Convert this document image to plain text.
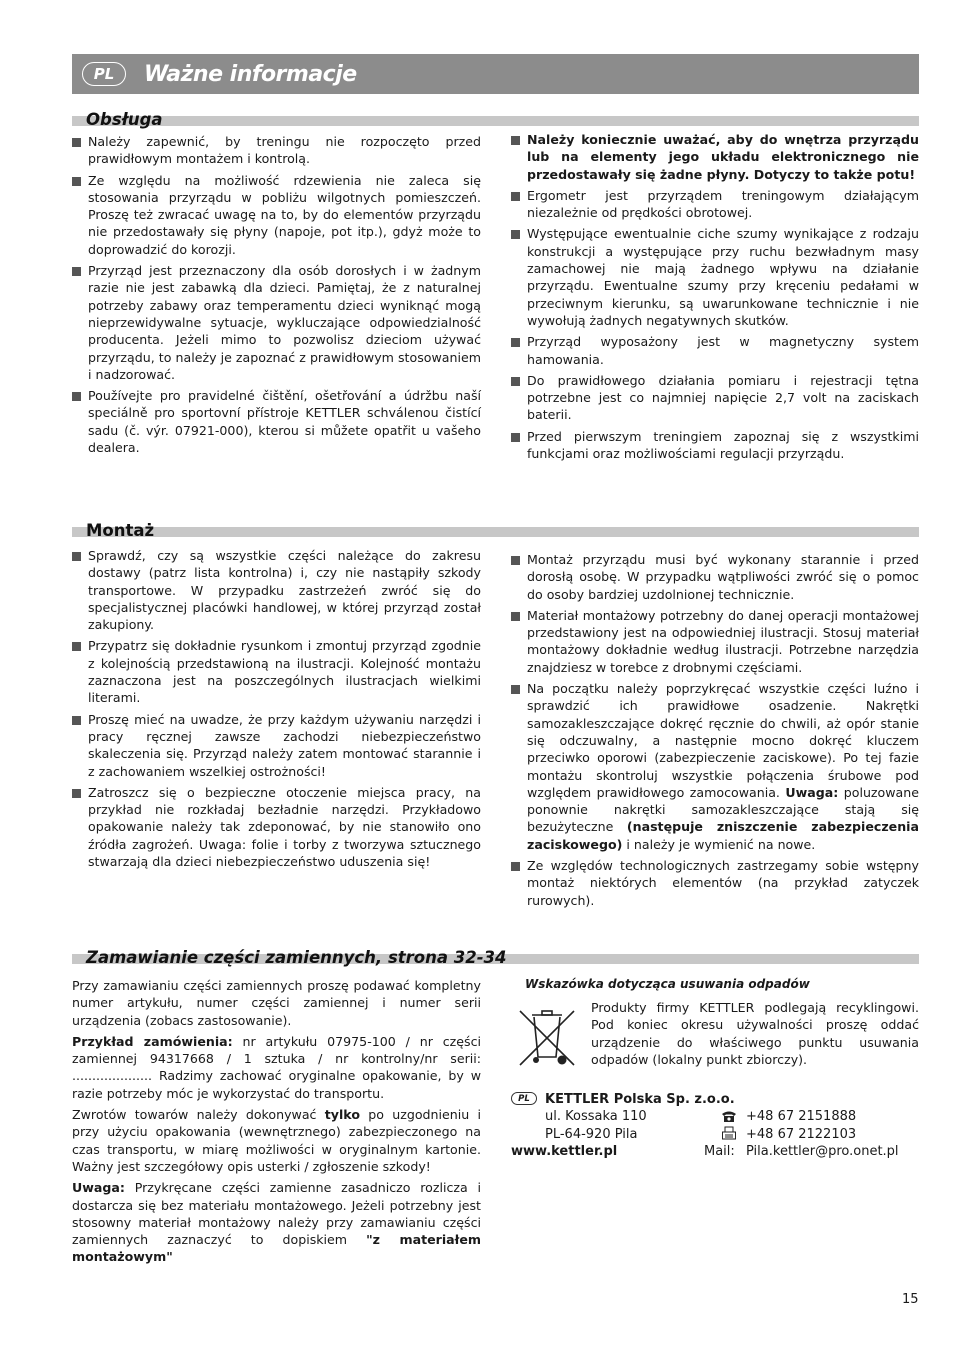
PL	Ważne informacje
Obsługa
Należy zapewnić, by treningu nie rozpoczęto przed prawidłowym montażem i kontrolą.
Ze względu na możliwość rdzewienia nie zaleca się stosowania przyrządu w pobliżu wilgotnych pomieszczeń. Proszę też zwracać uwagę na to, by do elementów przyrządu nie przedostawały się płyny (napoje, pot itp.), gdyż może to doprowadzić do korozji.
Przyrząd jest przeznaczony dla osób dorosłych i w żadnym razie nie jest zabawką dla dzieci. Pamiętaj, że z naturalnej potrzeby zabawy oraz temperamentu dzieci wyniknąć mogą nieprzewidywalne sytuacje, wykluczające odpowiedzialność producenta. Jeżeli mimo to pozwolisz dzieciom używać przyrządu, to należy je zapoznać z prawidłowym stosowaniem i nadzorować.
Používejte pro pravidelné čištění, ošetřování a údržbu naší speciálně pro sportovní přístroje KETTLER schválenou čistící sadu (č. výr. 07921-000), kterou si můžete opatřit u vašeho dealera.
Należy koniecznie uważać, aby do wnętrza przyrządu lub na elementy jego układu elektronicznego nie przedostawały się żadne płyny. Dotyczy to także potu!
Ergometr jest przyrządem treningowym działającym niezależnie od prędkości obrotowej.
Występujące ewentualnie ciche szumy wynikające z rodzaju konstrukcji a występujące przy ruchu bezwładnym masy zamachowej nie mają żadnego wpływu na działanie przyrządu. Ewentualne szumy przy kręceniu pedałami w przeciwnym kierunku, są uwarunkowane technicznie i nie wywołują żadnych negatywnych skutków.
Przyrząd wyposażony jest w magnetyczny system hamowania.
Do prawidłowego działania pomiaru i rejestracji tętna potrzebne jest co najmniej napięcie 2,7 volt na zaciskach baterii.
Przed pierwszym treningiem zapoznaj się z wszystkimi funkcjami oraz możliwościami regulacji przyrządu.
Montaż
Sprawdź, czy są wszystkie części należące do zakresu dostawy (patrz lista kontrolna) i, czy nie nastąpiły szkody transportowe. W przypadku zastrzeżeń zwróć się do specjalistycznej placówki handlowej, w której przyrząd został zakupiony.
Przypatrz się dokładnie rysunkom i zmontuj przyrząd zgodnie z kolejnością przedstawioną na ilustracji. Kolejność montażu zaznaczona jest na poszczególnych ilustracjach wielkimi literami.
Proszę mieć na uwadze, że przy każdym używaniu narzędzi i pracy ręcznej zawsze zachodzi niebezpieczeństwo skaleczenia się. Przyrząd należy zatem montować starannie i z zachowaniem wszelkiej ostrożności!
Zatroszcz się o bezpieczne otoczenie miejsca pracy, na przykład nie rozkładaj bezładnie narzędzi. Przykładowo opakowanie należy tak zdeponować, by nie stanowiło ono źródła zagrożeń. Uwaga: folie i torby z tworzywa sztucznego stwarzają dla dzieci niebezpieczeństwo uduszenia się!
Montaż przyrządu musi być wykonany starannie i przed dorosłą osobę. W przypadku wątpliwości zwróć się o pomoc do osoby bardziej uzdolnionej technicznie.
Materiał montażowy potrzebny do danej operacji montażowej przedstawiony jest na odpowiedniej ilustracji. Stosuj materiał montażowy dokładnie według ilustracji. Potrzebne narzędzia znajdziesz w torebce z drobnymi częściami.
Na początku należy poprzykręcać wszystkie części luźno i sprawdzić ich prawidłowe osadzenie. Nakrętki samozakleszczające dokręć ręcznie do chwili, aż opór stanie się odczuwalny, a następnie mocno dokręć kluczem przeciwko oporowi (zabezpieczenie zaciskowe). Po tej fazie montażu skontroluj wszystkie połączenia śrubowe pod względem prawidłowego zamocowania. Uwaga: poluzowane ponownie nakrętki samozakleszczające stają się bezużyteczne (następuje zniszczenie zabezpieczenia zaciskowego) i należy je wymienić na nowe.
Ze względów technologicznych zastrzegamy sobie wstępny montaż niektórych elementów (na przykład zatyczek rurowych).
Zamawianie części zamiennych, strona 32-34

Przy zamawianiu części zamiennych proszę podawać kompletny numer artykułu, numer części zamiennej i numer serii urządzenia (zobacs zastosowanie).

Przykład zamówienia: nr artykułu 07975-100 / nr części zamiennej 94317668 / 1 sztuka / nr kontrolny/nr serii: .................... Radzimy zachować oryginalne opakowanie, by w razie potrzeby móc je wykorzystać do transportu.

Zwrotów towarów należy dokonywać tylko po uzgodnieniu i przy użyciu opakowania (wewnętrznego) zabezpieczonego na czas transportu, w miarę możliwości w oryginalnym kartonie. Ważny jest szczegółowy opis usterki / zgłoszenie szkody!

Uwaga: Przykręcane części zamienne zasadniczo rozlicza i dostarcza się bez materiału montażowego. Jeżeli potrzebny jest stosowny materiał montażowy należy przy zamawianiu części zamiennych zaznaczyć to dopiskiem "z materiałem montażowym"

Wskazówka dotycząca usuwania odpadów
Produkty firmy KETTLER podlegają recyklingowi. Pod koniec okresu używalności proszę oddać urządzenie do właściwego punktu usuwania odpadów (lokalny punkt zbiorczy).
PL	KETTLER Polska Sp. z.o.o.
ul. Kossaka 110
PL-64-920 Pila
www.kettler.pl
+48 67 2151888
+48 67 2122103
Mail: Pila.kettler@pro.onet.pl
15
